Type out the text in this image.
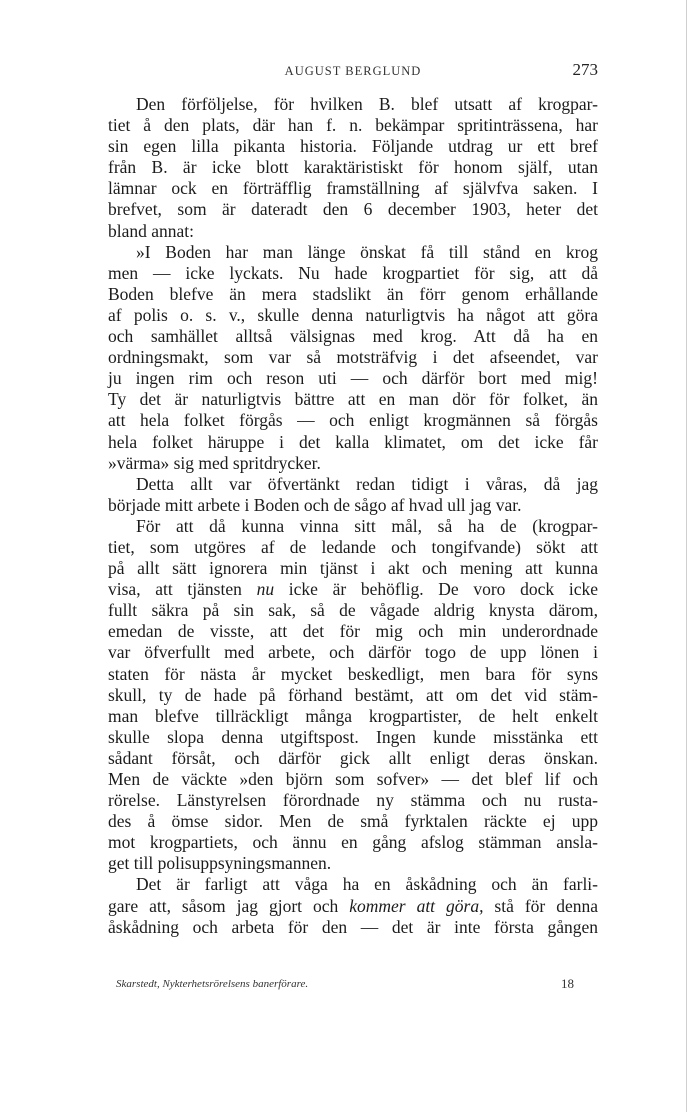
AUGUST BERGLUND	273
Den förföljelse, för hvilken B. blef utsatt af krogpar-
tiet å den plats, där han f. n. bekämpar spritinträssena, har
sin egen lilla pikanta historia. Följande utdrag ur ett bref
från B. är icke blott karaktäristiskt för honom själf, utan
lämnar ock en förträfflig framställning af självfva saken. I
brefvet, som är dateradt den 6 december 1903, heter det
bland annat:
»I Boden har man länge önskat få till stånd en krog
men — icke lyckats. Nu hade krogpartiet för sig, att då
Boden blefve än mera stadslikt än förr genom erhållande
af polis o. s. v., skulle denna naturligtvis ha något att göra
och samhället alltså välsignas med krog. Att då ha en
ordningsmakt, som var så motsträfvig i det afseendet, var
ju ingen rim och reson uti — och därför bort med mig!
Ty det är naturligtvis bättre att en man dör för folket, än
att hela folket förgås — och enligt krogmännen så förgås
hela folket häruppe i det kalla klimatet, om det icke får
»värma» sig med spritdrycker.
Detta allt var öfvertänkt redan tidigt i våras, då jag
började mitt arbete i Boden och de sågo af hvad ull jag var.
För att då kunna vinna sitt mål, så ha de (krogpar-
tiet, som utgöres af de ledande och tongifvande) sökt att
på allt sätt ignorera min tjänst i akt och mening att kunna
visa, att tjänsten nu icke är behöflig. De voro dock icke
fullt säkra på sin sak, så de vågade aldrig knysta därom,
emedan de visste, att det för mig och min underordnade
var öfverfullt med arbete, och därför togo de upp lönen i
staten för nästa år mycket beskedligt, men bara för syns
skull, ty de hade på förhand bestämt, att om det vid stäm-
man blefve tillräckligt många krogpartister, de helt enkelt
skulle slopa denna utgiftspost. Ingen kunde misstänka ett
sådant försåt, och därför gick allt enligt deras önskan.
Men de väckte »den björn som sofver» — det blef lif och
rörelse. Länstyrelsen förordnade ny stämma och nu rusta-
des å ömse sidor. Men de små fyrktalen räckte ej upp
mot krogpartiets, och ännu en gång afslog stämman ansla-
get till polisuppsyningsmannen.
Det är farligt att våga ha en åskådning och än farli-
gare att, såsom jag gjort och kommer att göra, stå för denna
åskådning och arbeta för den — det är inte första gången
Skarstedt, Nykterhetsrörelsens banerförare.	18
